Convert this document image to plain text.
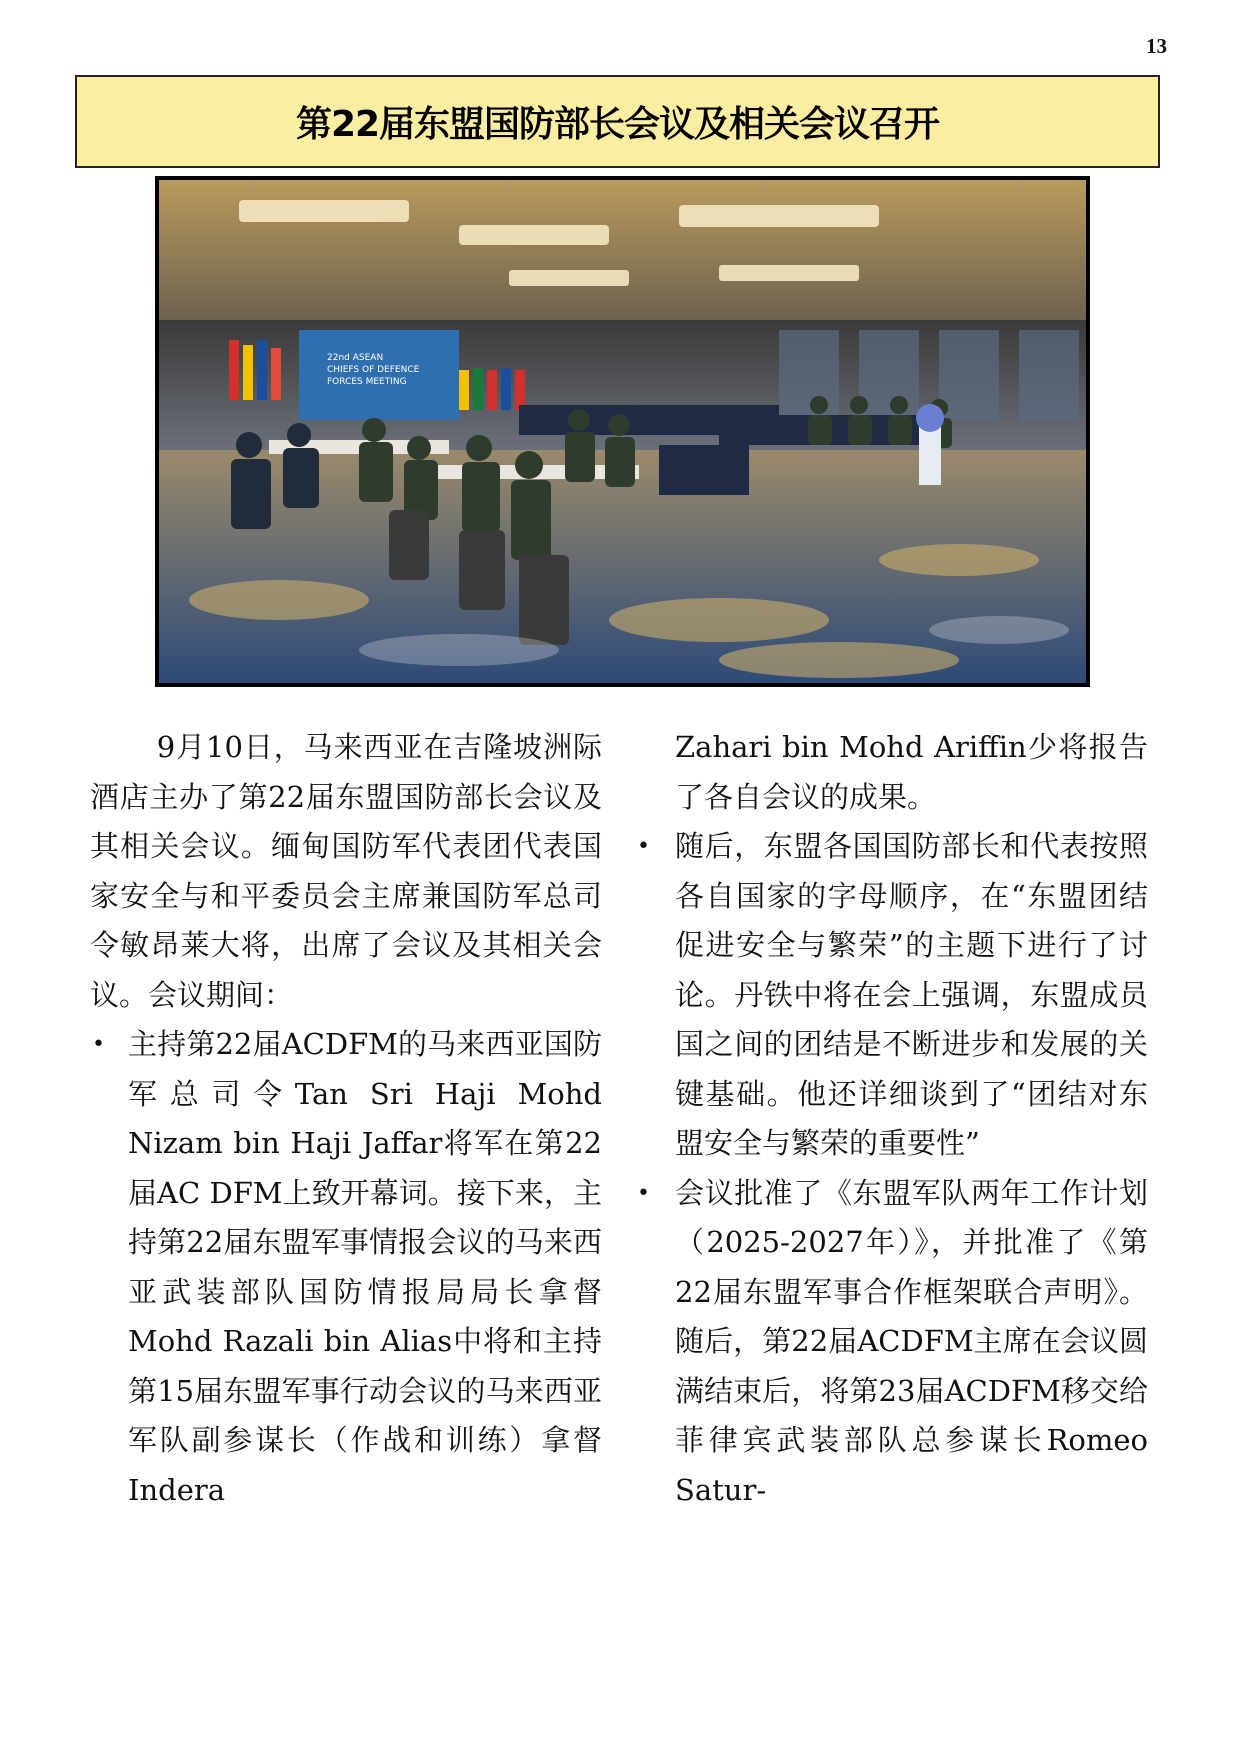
13
第22届东盟国防部长会议及相关会议召开
22nd ASEAN
CHIEFS OF DEFENCE
FORCES MEETING

9月10日，马来西亚在吉隆坡洲际酒店主办了第22届东盟国防部长会议及其相关会议。缅甸国防军代表团代表国家安全与和平委员会主席兼国防军总司令敏昂莱大将，出席了会议及其相关会议。会议期间：

• 主持第22届ACDFM的马来西亚国防军总司令Tan Sri Haji Mohd Nizam bin Haji Jaffar将军在第22届AC DFM上致开幕词。接下来，主持第22届东盟军事情报会议的马来西亚武装部队国防情报局局长拿督Mohd Razali bin Alias中将和主持第15届东盟军事行动会议的马来西亚军队副参谋长（作战和训练）拿督Indera

Zahari bin Mohd Ariffin少将报告了各自会议的成果。

• 随后，东盟各国国防部长和代表按照各自国家的字母顺序，在“东盟团结促进安全与繁荣”的主题下进行了讨论。丹铁中将在会上强调，东盟成员国之间的团结是不断进步和发展的关键基础。他还详细谈到了“团结对东盟安全与繁荣的重要性”
• 会议批准了《东盟军队两年工作计划（2025-2027年）》，并批准了《第22届东盟军事合作框架联合声明》。随后，第22届ACDFM主席在会议圆满结束后，将第23届ACDFM移交给菲律宾武装部队总参谋长Romeo Satur-
